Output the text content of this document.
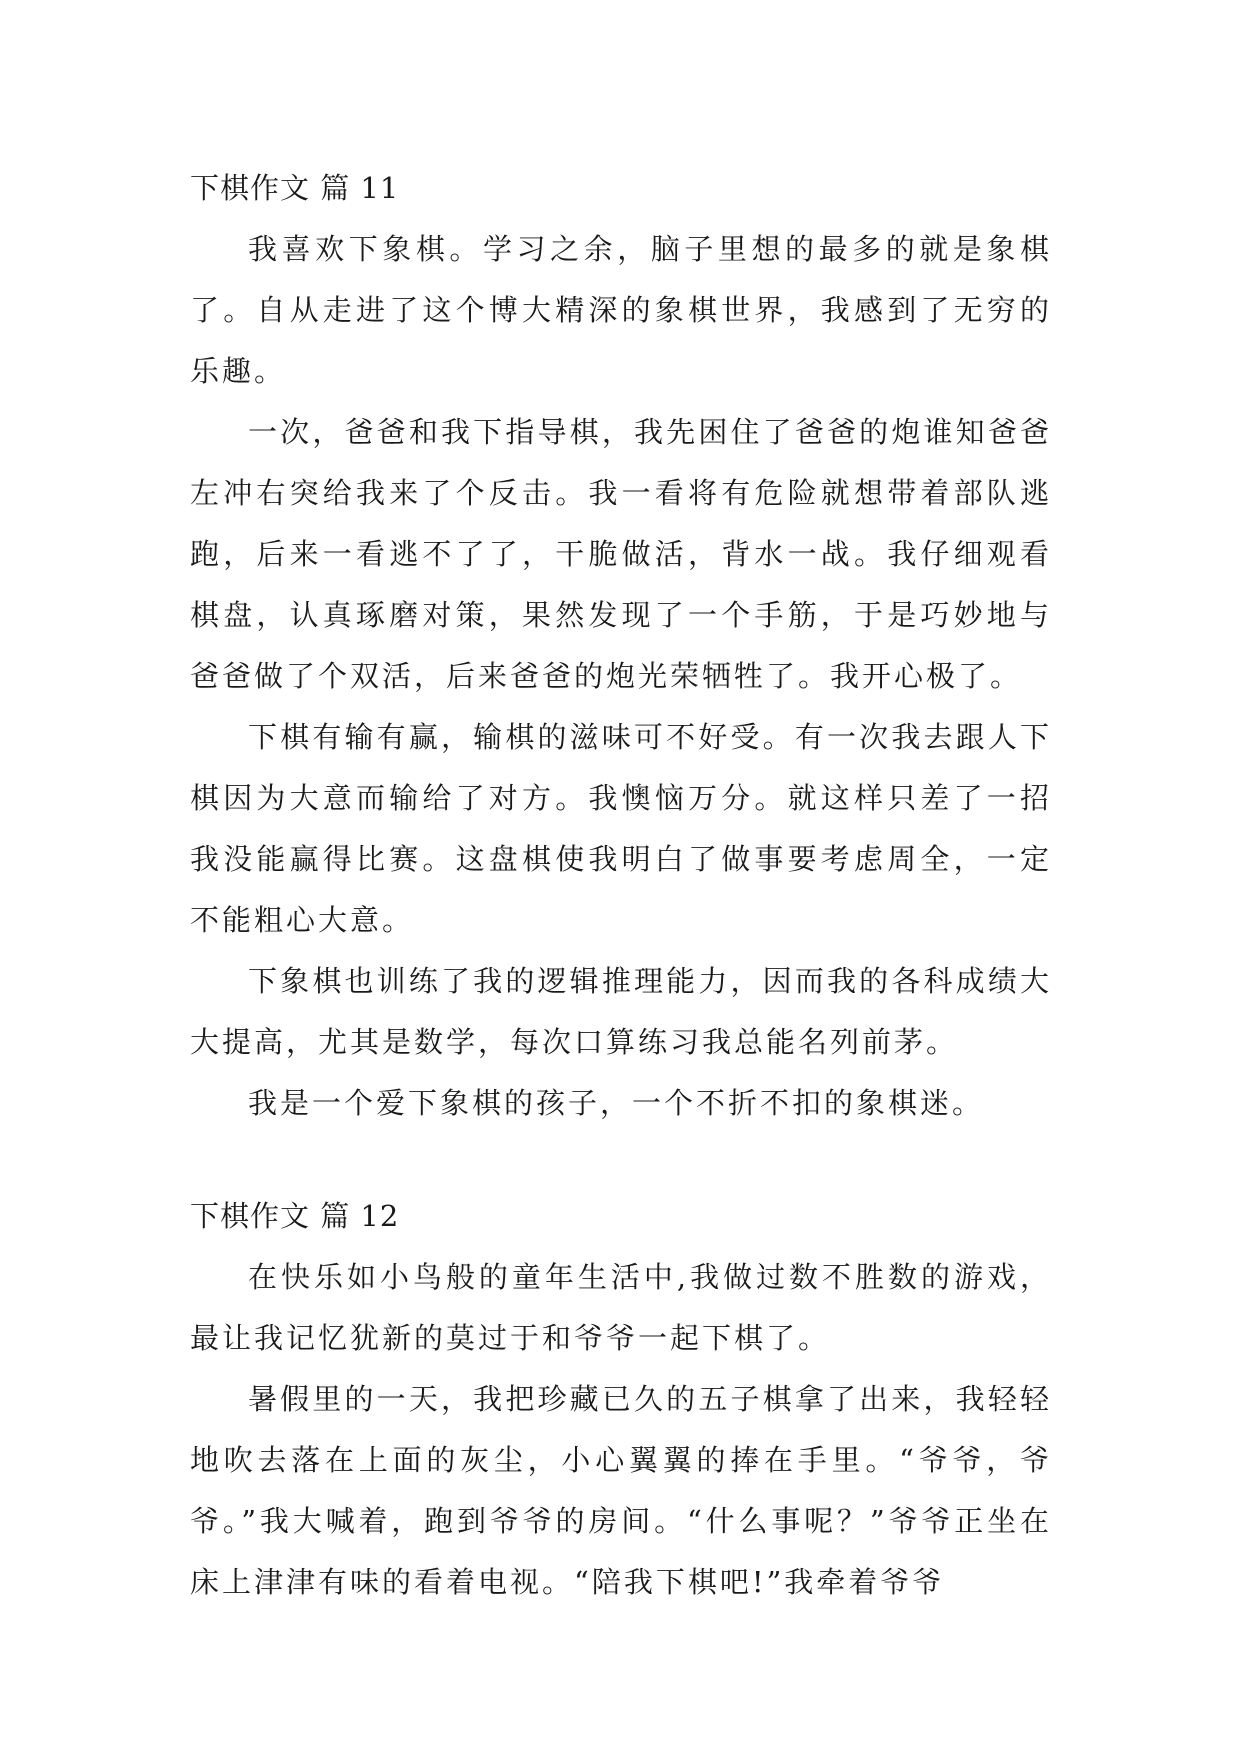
下棋作文 篇 11

我喜欢下象棋。学习之余，脑子里想的最多的就是象棋了。自从走进了这个博大精深的象棋世界，我感到了无穷的乐趣。

一次，爸爸和我下指导棋，我先困住了爸爸的炮谁知爸爸左冲右突给我来了个反击。我一看将有危险就想带着部队逃跑，后来一看逃不了了，干脆做活，背水一战。我仔细观看棋盘，认真琢磨对策，果然发现了一个手筋，于是巧妙地与爸爸做了个双活，后来爸爸的炮光荣牺牲了。我开心极了。

下棋有输有赢，输棋的滋味可不好受。有一次我去跟人下棋因为大意而输给了对方。我懊恼万分。就这样只差了一招我没能赢得比赛。这盘棋使我明白了做事要考虑周全，一定不能粗心大意。

下象棋也训练了我的逻辑推理能力，因而我的各科成绩大大提高，尤其是数学，每次口算练习我总能名列前茅。

我是一个爱下象棋的孩子，一个不折不扣的象棋迷。

下棋作文 篇 12

在快乐如小鸟般的童年生活中,我做过数不胜数的游戏，最让我记忆犹新的莫过于和爷爷一起下棋了。

暑假里的一天，我把珍藏已久的五子棋拿了出来，我轻轻地吹去落在上面的灰尘，小心翼翼的捧在手里。“爷爷，爷爷。”我大喊着，跑到爷爷的房间。“什么事呢？”爷爷正坐在床上津津有味的看着电视。“陪我下棋吧!”我牵着爷爷
